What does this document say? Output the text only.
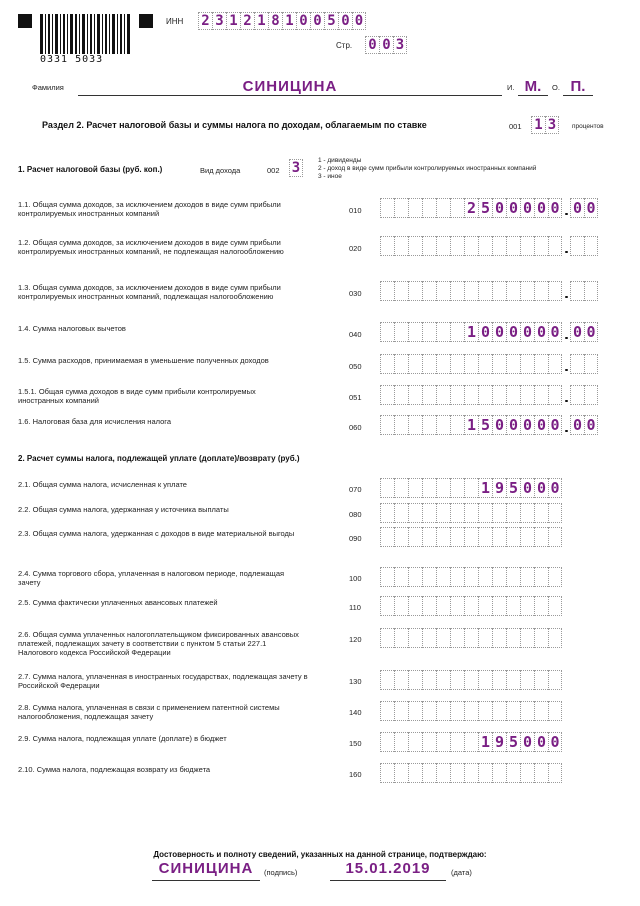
0331 5033
ИНН 2 3 1 2 1 8 1 0 0 5 0 0
Стр. 0 0 3
Фамилия	СИНИЦИНА	И. М.	О. П.
Раздел 2. Расчет налоговой базы и суммы налога по доходам, облагаемым по ставке	001 1 3	процентов
1. Расчет налоговой базы (руб. коп.)	Вид дохода	002 3	1 - дивиденды
2 - доход в виде сумм прибыли контролируемых иностранных компаний
3 - иное
1.1. Общая сумма доходов, за исключением доходов в виде сумм прибыли контролируемых иностранных компаний	010	2 5 0 0 0 0 0 0 0
1.2. Общая сумма доходов, за исключением доходов в виде сумм прибыли контролируемых иностранных компаний, не подлежащая налогообложению	020
1.3. Общая сумма доходов, за исключением доходов в виде сумм прибыли контролируемых иностранных компаний, подлежащая налогообложению	030
1.4. Сумма налоговых вычетов
040	1 0 0 0 0 0 0 0 0
1.5. Сумма расходов, принимаемая в уменьшение полученных доходов
050
1.5.1. Общая сумма доходов в виде сумм прибыли контролируемых иностранных компаний	051
1.6. Налоговая база для исчисления налога
060	1 5 0 0 0 0 0 0 0
2. Расчет суммы налога, подлежащей уплате (доплате)/возврату (руб.)
2.1. Общая сумма налога, исчисленная к уплате
070	1 9 5 0 0 0
2.2. Общая сумма налога, удержанная у источника выплаты
080
2.3. Общая сумма налога, удержанная с доходов в виде материальной выгоды
090
2.4. Сумма торгового сбора, уплаченная в налоговом периоде, подлежащая зачету	100
2.5. Сумма фактически уплаченных авансовых платежей
110
2.6. Общая сумма уплаченных налогоплательщиком фиксированных авансовых платежей, подлежащих зачету в соответствии с пунктом 5 статьи 227.1 Налогового кодекса Российской Федерации
120
2.7. Сумма налога, уплаченная в иностранных государствах, подлежащая зачету в Российской Федерации	130
2.8. Сумма налога, уплаченная в связи с применением патентной системы налогообложения, подлежащая зачету	140
2.9. Сумма налога, подлежащая уплате (доплате) в бюджет
150	1 9 5 0 0 0
2.10. Сумма налога, подлежащая возврату из бюджета
160
Достоверность и полноту сведений, указанных на данной странице, подтверждаю:
СИНИЦИНА	(подпись)	15.01.2019	(дата)
